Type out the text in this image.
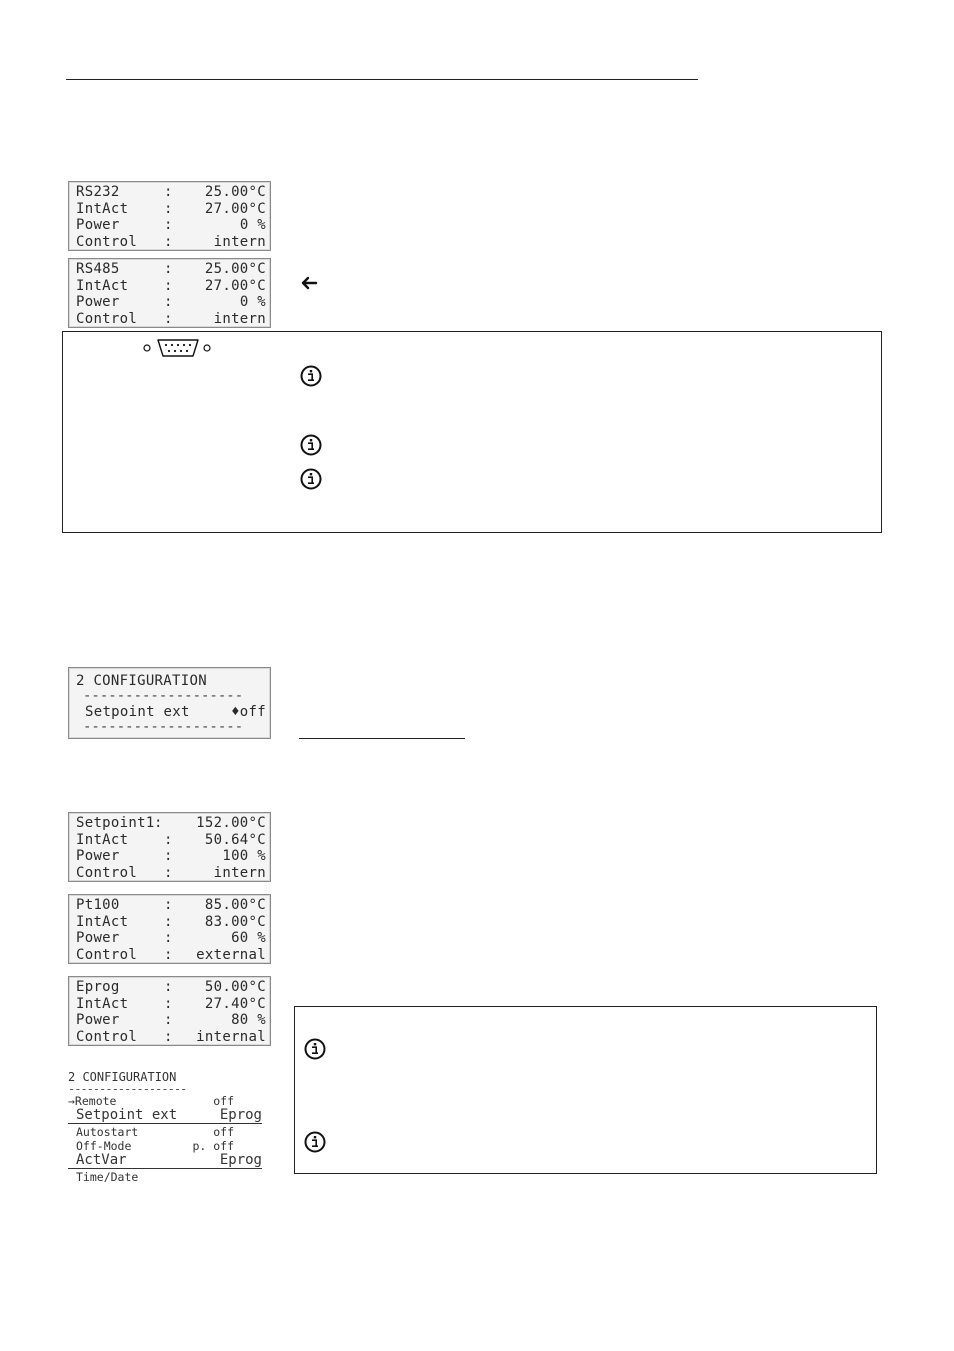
RS232	:	25.00°C
IntAct	:	27.00°C
Power	:	0 %
Control :	intern
RS485	:	25.00°C
IntAct	:	27.00°C
Power	:	0 %
Control :	intern
2 CONFIGURATION
-------------------
Setpoint ext	♦off
-------------------
Setpoint1:	152.00°C
IntAct	:	50.64°C
Power	:	100 %
Control :	intern
Pt100	:	85.00°C
IntAct	:	83.00°C
Power	:	60 %
Control :	external
Eprog	:	50.00°C
IntAct	:	27.40°C
Power	:	80 %
Control :	internal
2 CONFIGURATION
-------------------
→Remote	off
Setpoint ext	Eprog
Autostart	off
Off-Mode	p. off
ActVar	Eprog
Time/Date
